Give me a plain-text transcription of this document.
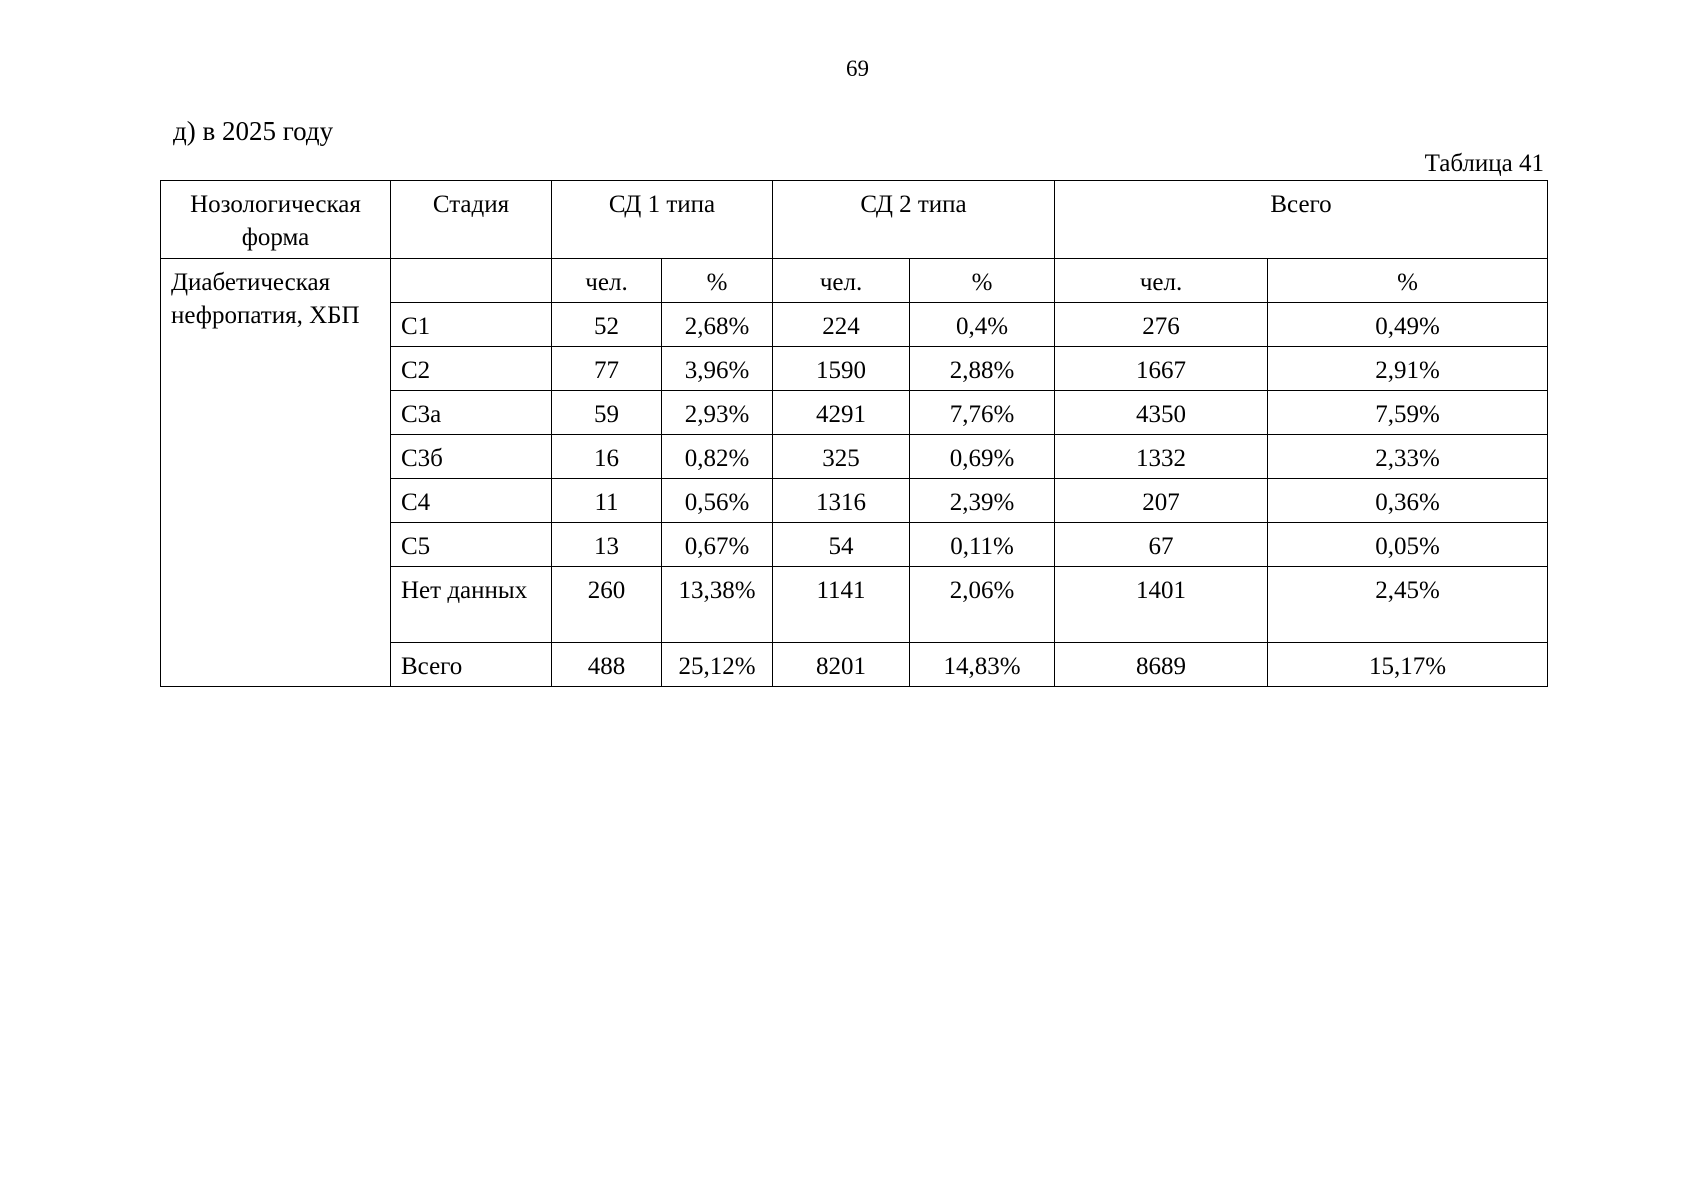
69
д) в 2025 году
Таблица 41
Нозологическая форма	Стадия	СД 1 типа		СД 2 типа		Всего	
Диабетическая нефропатия, ХБП		чел.	%	чел.	%	чел.	%
	С1	52	2,68%	224	0,4%	276	0,49%
	С2	77	3,96%	1590	2,88%	1667	2,91%
	С3а	59	2,93%	4291	7,76%	4350	7,59%
	С3б	16	0,82%	325	0,69%	1332	2,33%
	С4	11	0,56%	1316	2,39%	207	0,36%
	С5	13	0,67%	54	0,11%	67	0,05%
	Нет данных	260	13,38%	1141	2,06%	1401	2,45%
	Всего	488	25,12%	8201	14,83%	8689	15,17%
